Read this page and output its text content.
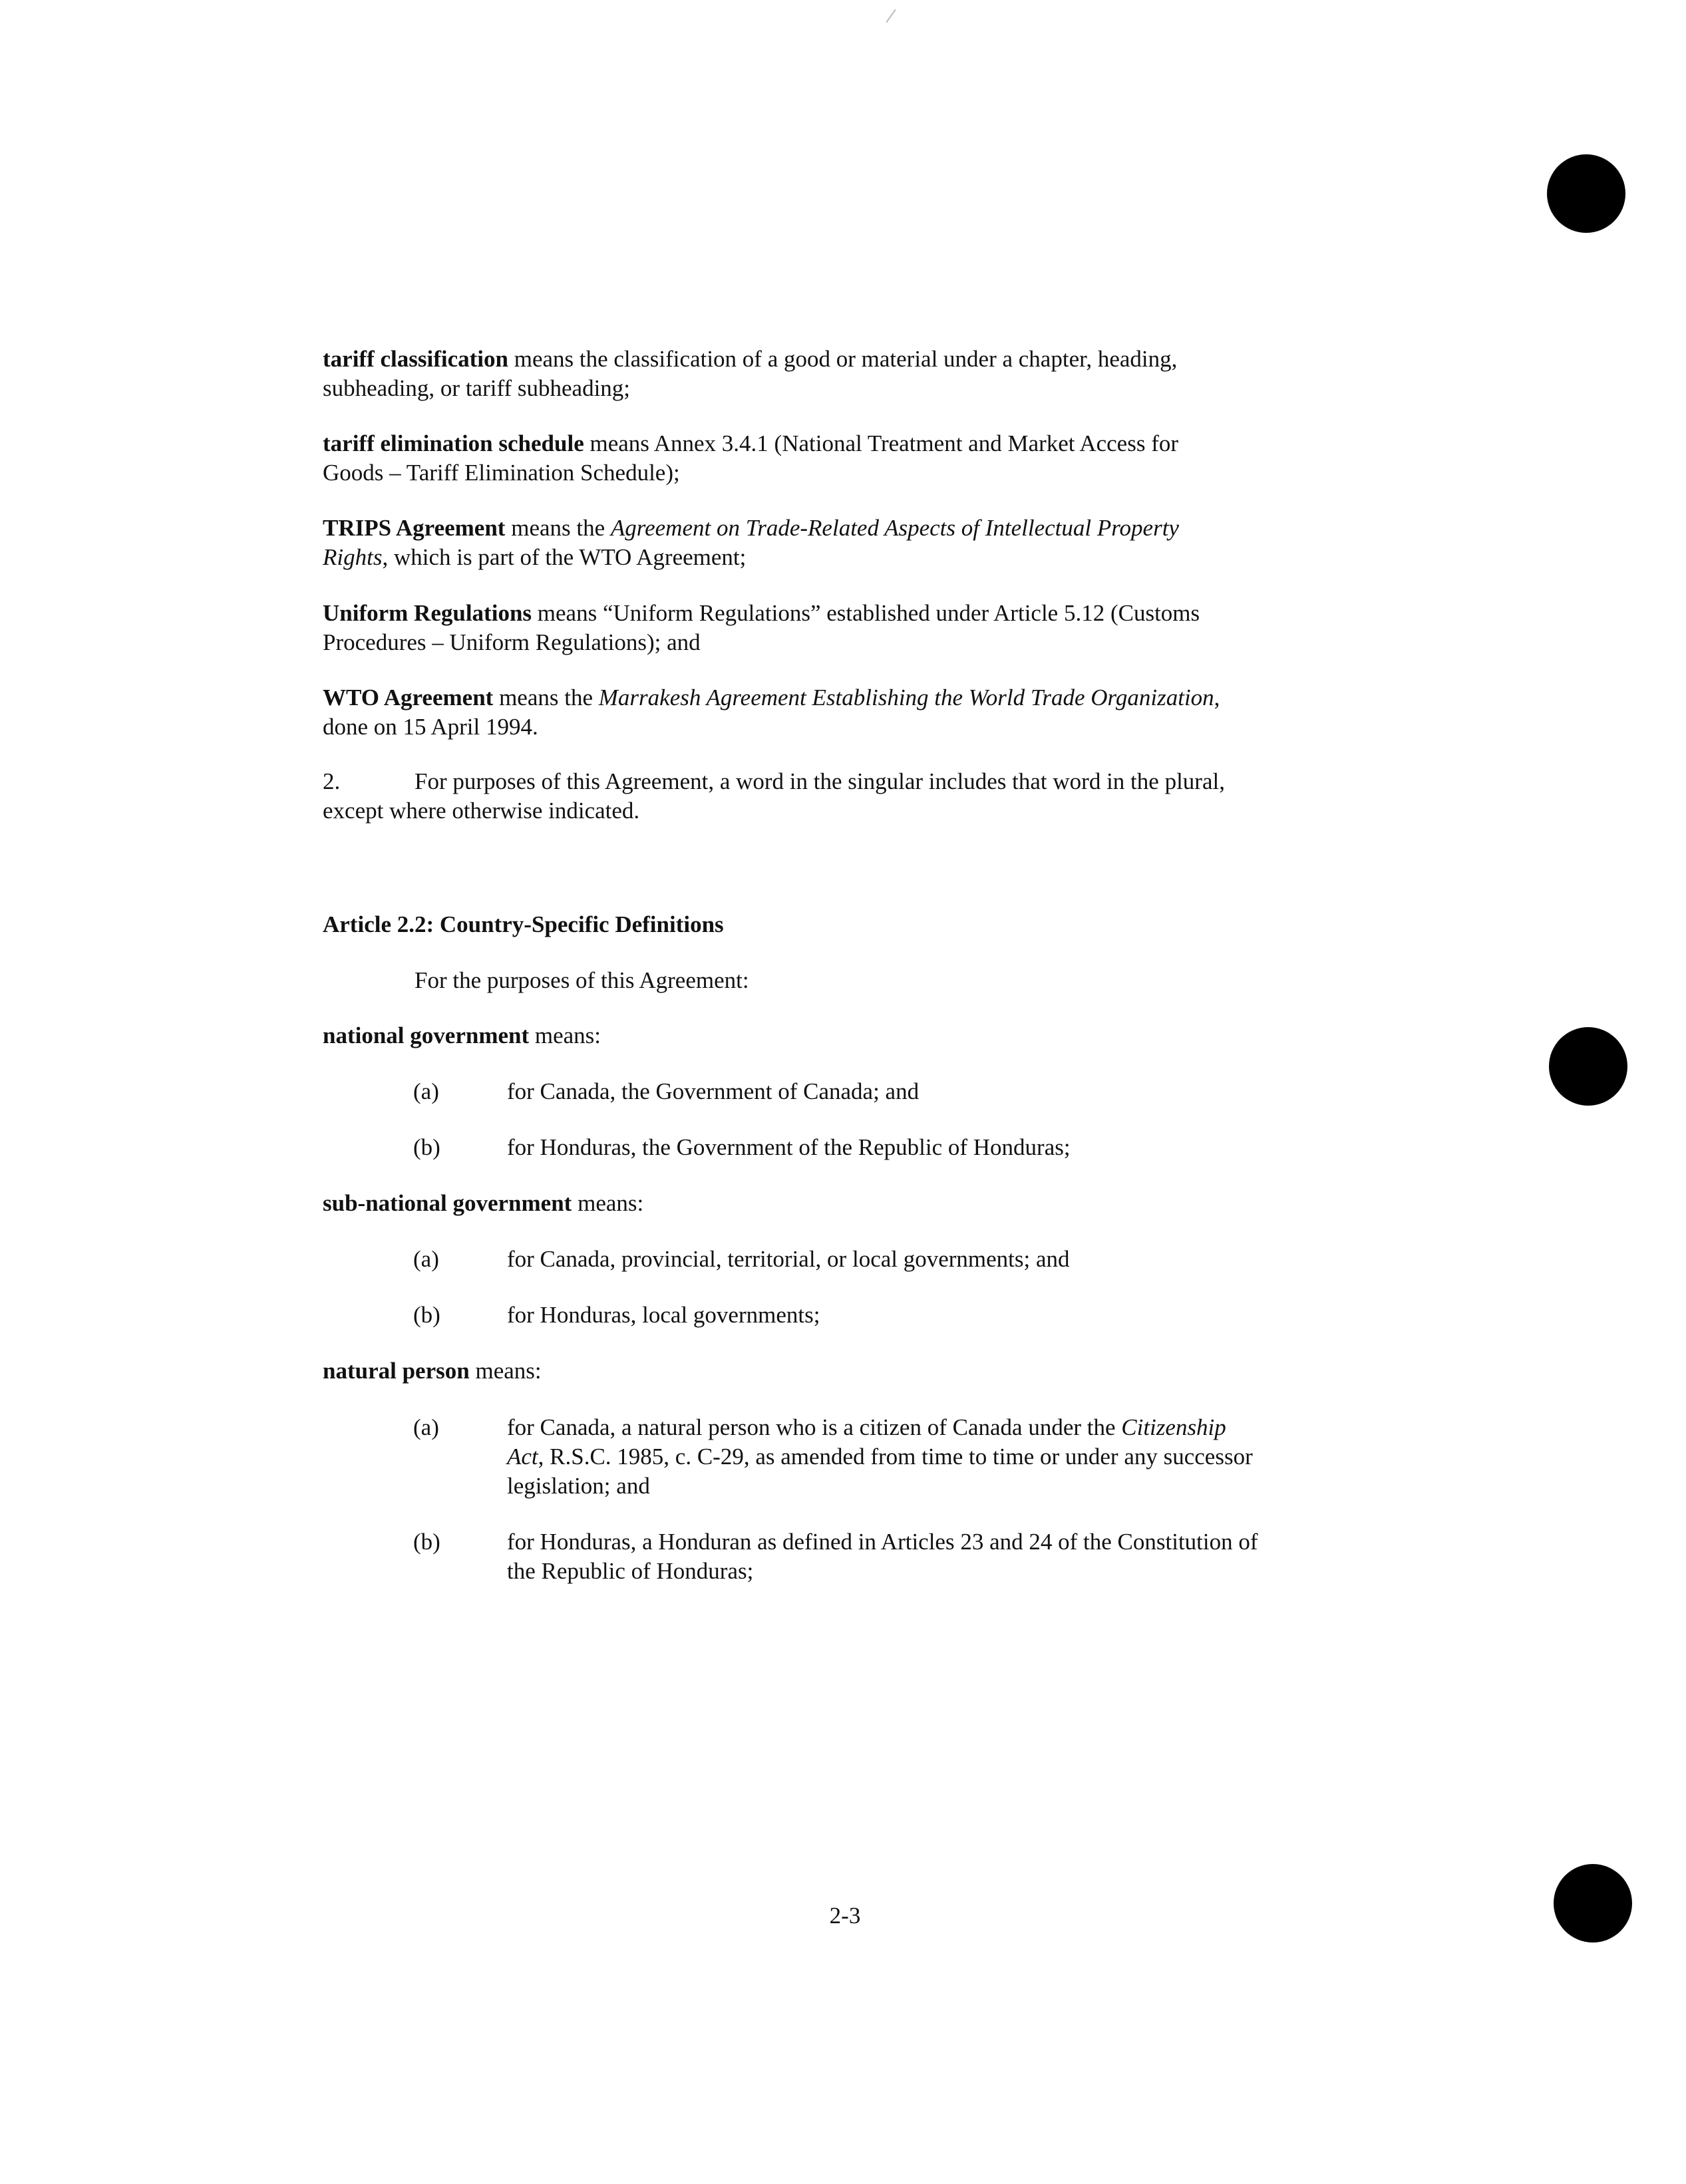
tariff classification means the classification of a good or material under a chapter, heading,

subheading, or tariff subheading;

tariff elimination schedule means Annex 3.4.1 (National Treatment and Market Access for

Goods – Tariff Elimination Schedule);

TRIPS Agreement means the Agreement on Trade-Related Aspects of Intellectual Property

Rights, which is part of the WTO Agreement;

Uniform Regulations means “Uniform Regulations” established under Article 5.12 (Customs

Procedures – Uniform Regulations); and

WTO Agreement means the Marrakesh Agreement Establishing the World Trade Organization,

done on 15 April 1994.

2.	For purposes of this Agreement, a word in the singular includes that word in the plural,

except where otherwise indicated.

Article 2.2: Country-Specific Definitions
For the purposes of this Agreement:

national government means:

(a)	for Canada, the Government of Canada; and
(b)	for Honduras, the Government of the Republic of Honduras;

sub-national government means:

(a)	for Canada, provincial, territorial, or local governments; and
(b)	for Honduras, local governments;

natural person means:

(a)	for Canada, a natural person who is a citizen of Canada under the Citizenship
Act, R.S.C. 1985, c. C-29, as amended from time to time or under any successor
legislation; and
(b)	for Honduras, a Honduran as defined in Articles 23 and 24 of the Constitution of
the Republic of Honduras;
2-3
